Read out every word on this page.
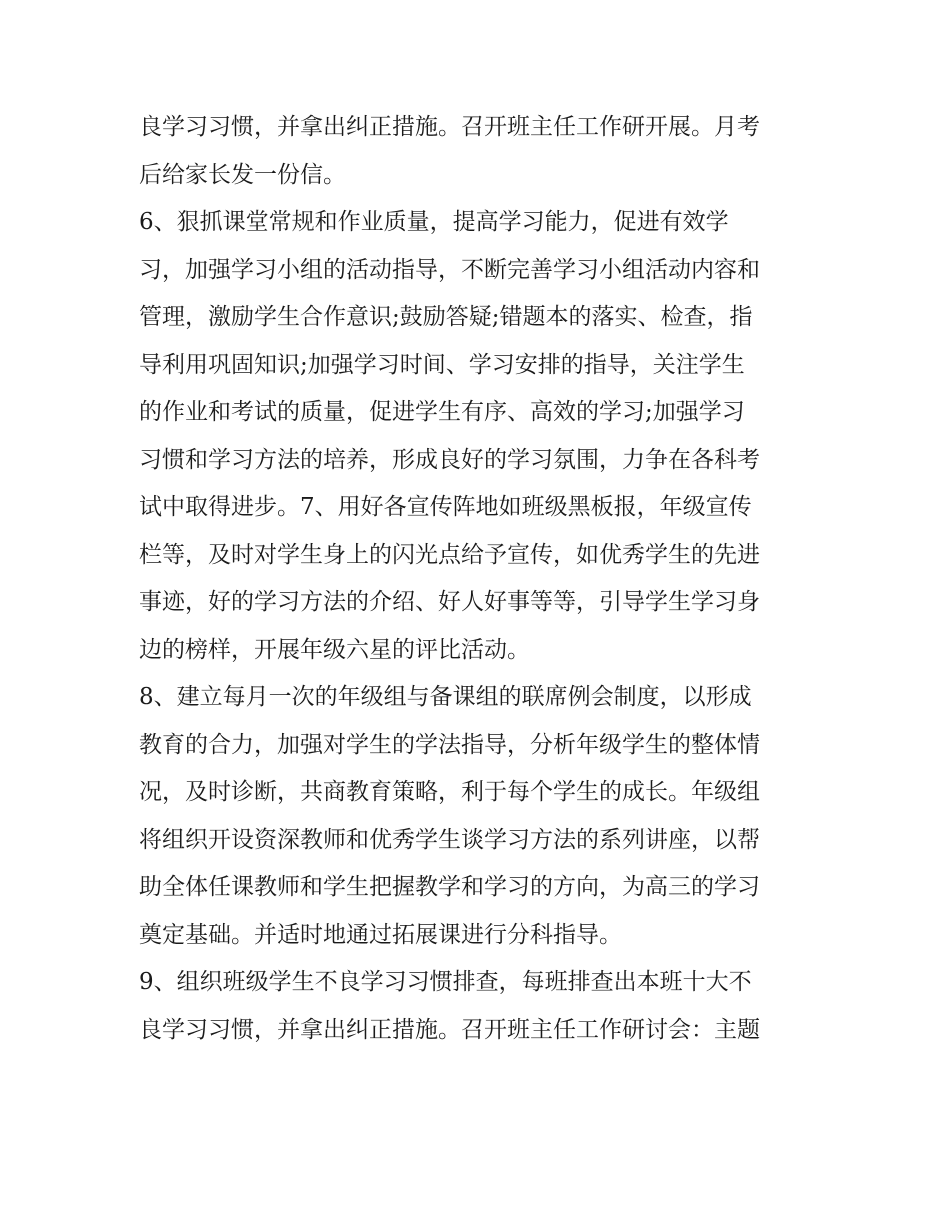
良学习习惯，并拿出纠正措施。召开班主任工作研开展。月考
后给家长发一份信。
6、狠抓课堂常规和作业质量，提高学习能力，促进有效学
习，加强学习小组的活动指导，不断完善学习小组活动内容和
管理，激励学生合作意识;鼓励答疑;错题本的落实、检查，指
导利用巩固知识;加强学习时间、学习安排的指导，关注学生
的作业和考试的质量，促进学生有序、高效的学习;加强学习
习惯和学习方法的培养，形成良好的学习氛围，力争在各科考
试中取得进步。7、用好各宣传阵地如班级黑板报，年级宣传
栏等，及时对学生身上的闪光点给予宣传，如优秀学生的先进
事迹，好的学习方法的介绍、好人好事等等，引导学生学习身
边的榜样，开展年级六星的评比活动。
8、建立每月一次的年级组与备课组的联席例会制度，以形成
教育的合力，加强对学生的学法指导，分析年级学生的整体情
况，及时诊断，共商教育策略，利于每个学生的成长。年级组
将组织开设资深教师和优秀学生谈学习方法的系列讲座，以帮
助全体任课教师和学生把握教学和学习的方向，为高三的学习
奠定基础。并适时地通过拓展课进行分科指导。
9、组织班级学生不良学习习惯排查，每班排查出本班十大不
良学习习惯，并拿出纠正措施。召开班主任工作研讨会：主题
